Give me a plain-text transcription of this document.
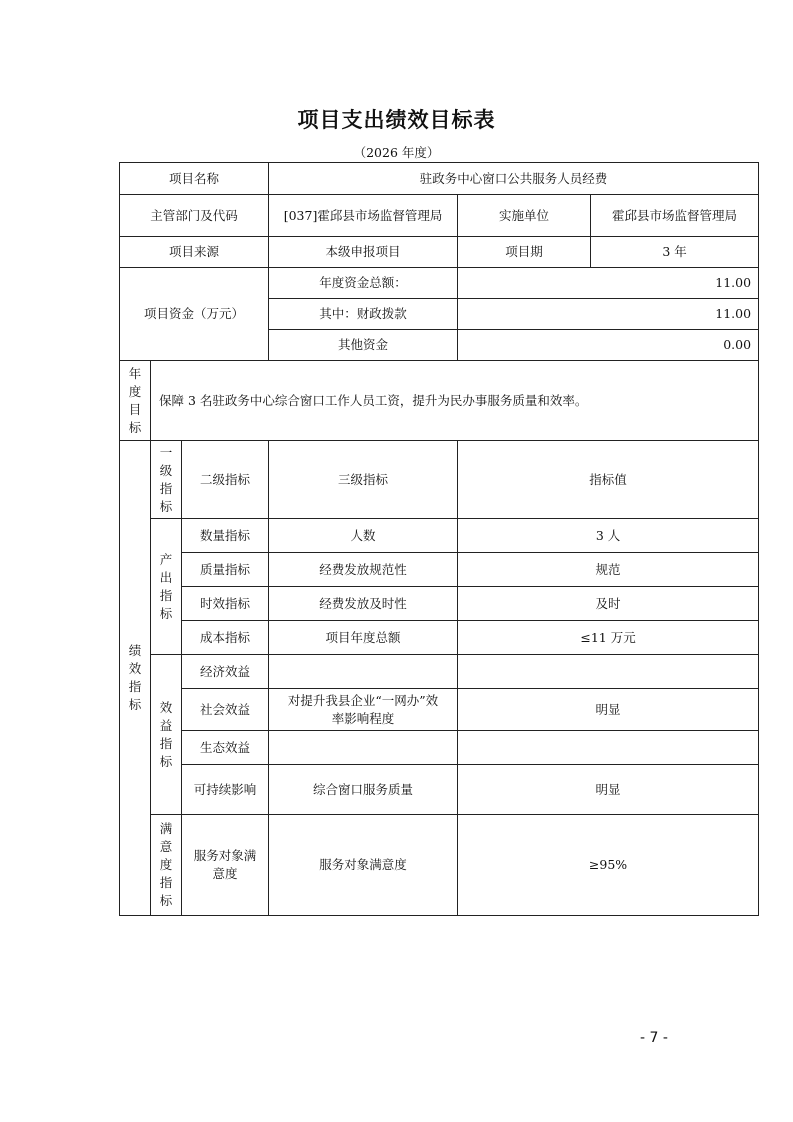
项目支出绩效目标表
（2026 年度）
项目名称			驻政务中心窗口公共服务人员经费		
主管部门及代码			[037]霍邱县市场监督管理局	实施单位	霍邱县市场监督管理局
项目来源			本级申报项目	项目期	3 年
项目资金（万元）			年度资金总额：	11.00	
			其中：财政拨款	11.00	
			其他资金	0.00	
年度目标	保障 3 名驻政务中心综合窗口工作人员工资，提升为民办事服务质量和效率。				
绩效指标	一级指标	二级指标	三级指标	指标值	
	产出指标	数量指标	人数	3 人	
		质量指标	经费发放规范性	规范	
		时效指标	经费发放及时性	及时	
		成本指标	项目年度总额	≤11 万元	
	效益指标	经济效益			
		社会效益	对提升我县企业“一网办”效率影响程度	明显	
		生态效益			
		可持续影响	综合窗口服务质量	明显	
	满意度指标	服务对象满意度	服务对象满意度	≥95%	
- 7 -
